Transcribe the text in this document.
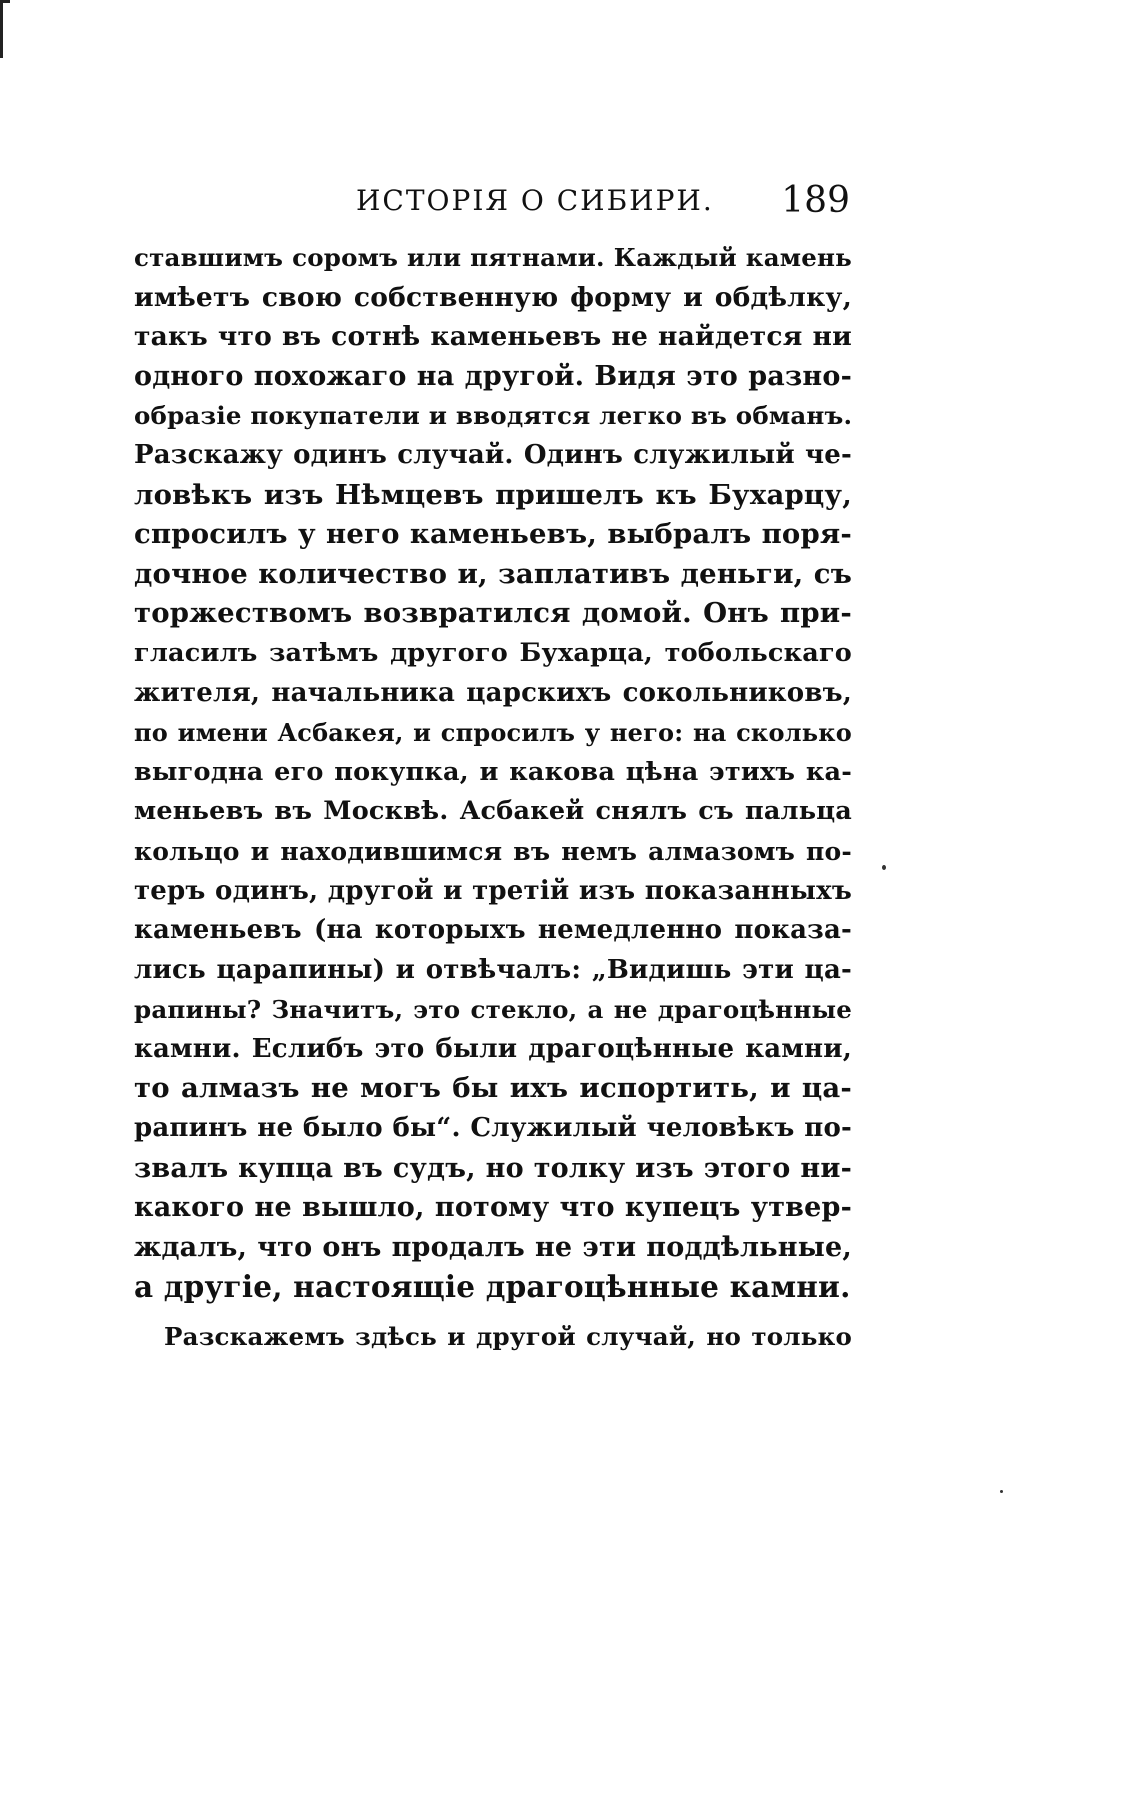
ИСТОРІЯ О СИБИРИ. 189
ставшимъ соромъ или пятнами. Каждый камень
имѣетъ свою собственную форму и обдѣлку,
такъ что въ сотнѣ каменьевъ не найдется ни
одного похожаго на другой. Видя это разно-
образіе покупатели и вводятся легко въ обманъ.
Разскажу одинъ случай. Одинъ служилый че-
ловѣкъ изъ Нѣмцевъ пришелъ къ Бухарцу,
спросилъ у него каменьевъ, выбралъ поря-
дочное количество и, заплативъ деньги, съ
торжествомъ возвратился домой. Онъ при-
гласилъ затѣмъ другого Бухарца, тобольскаго
жителя, начальника царскихъ сокольниковъ,
по имени Асбакея, и спросилъ у него: на сколько
выгодна его покупка, и какова цѣна этихъ ка-
меньевъ въ Москвѣ. Асбакей снялъ съ пальца
кольцо и находившимся въ немъ алмазомъ по-
теръ одинъ, другой и третій изъ показанныхъ
каменьевъ (на которыхъ немедленно показа-
лись царапины) и отвѣчалъ: „Видишь эти ца-
рапины? Значитъ, это стекло, а не драгоцѣнные
камни. Еслибъ это были драгоцѣнные камни,
то алмазъ не могъ бы ихъ испортить, и ца-
рапинъ не было бы“. Служилый человѣкъ по-
звалъ купца въ судъ, но толку изъ этого ни-
какого не вышло, потому что купецъ утвер-
ждалъ, что онъ продалъ не эти поддѣльные,
а другіе, настоящіе драгоцѣнные камни.
Разскажемъ здѣсь и другой случай, но только
